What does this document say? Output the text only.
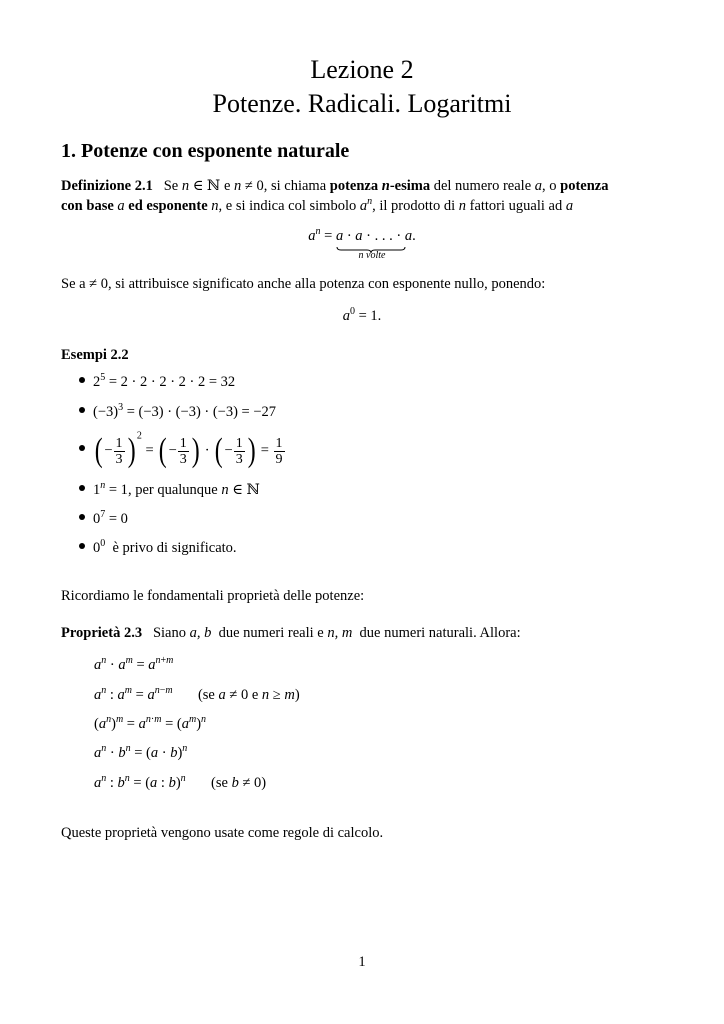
Lezione 2
Potenze. Radicali. Logaritmi
1. Potenze con esponente naturale
Definizione 2.1   Se n ∈ ℕ e n ≠ 0, si chiama potenza n-esima del numero reale a, o potenza
con base a ed esponente n, e si indica col simbolo $a^n$, il prodotto di n fattori uguali ad a
$a^n = a \cdot a$ · . . . · a
.
n volte
Se a ≠ 0, si attribuisce significato anche alla potenza con esponente nullo, ponendo:
$a^0 = 1$.
Esempi 2.2
$2^5 = 2 \cdot 2 \cdot 2 \cdot 2 \cdot 2 = 32$
$(-3)^3 = (-3) \cdot (-3) \cdot (-3) = -27$
( − $\frac{1}{3}$ ) $^2$ = ( − $\frac{1}{3}$ ) · ( − $\frac{1}{3}$ ) = $\frac{1}{9}$
$1^n = 1$, per qualunque n ∈ ℕ
$0^7 = 0$
$0^0$ è privo di significato.
Ricordiamo le fondamentali proprietà delle potenze:
Proprietà 2.3 Siano a, b due numeri reali e n, m due numeri naturali. Allora:
$a^n \cdot a^m = a^{n+m}$
$a^n$ : $a^m = a^{n-m}$       (se a ≠ 0 e n ≥ m)
$(a^n)^m = a^{n\cdot m} = (a^m)^n$
$a^n \cdot b^n = (a \cdot b)^n$
$a^n$ : $b^n = (a$ : b)$^n$       (se b ≠ 0)
Queste proprietà vengono usate come regole di calcolo.
1
